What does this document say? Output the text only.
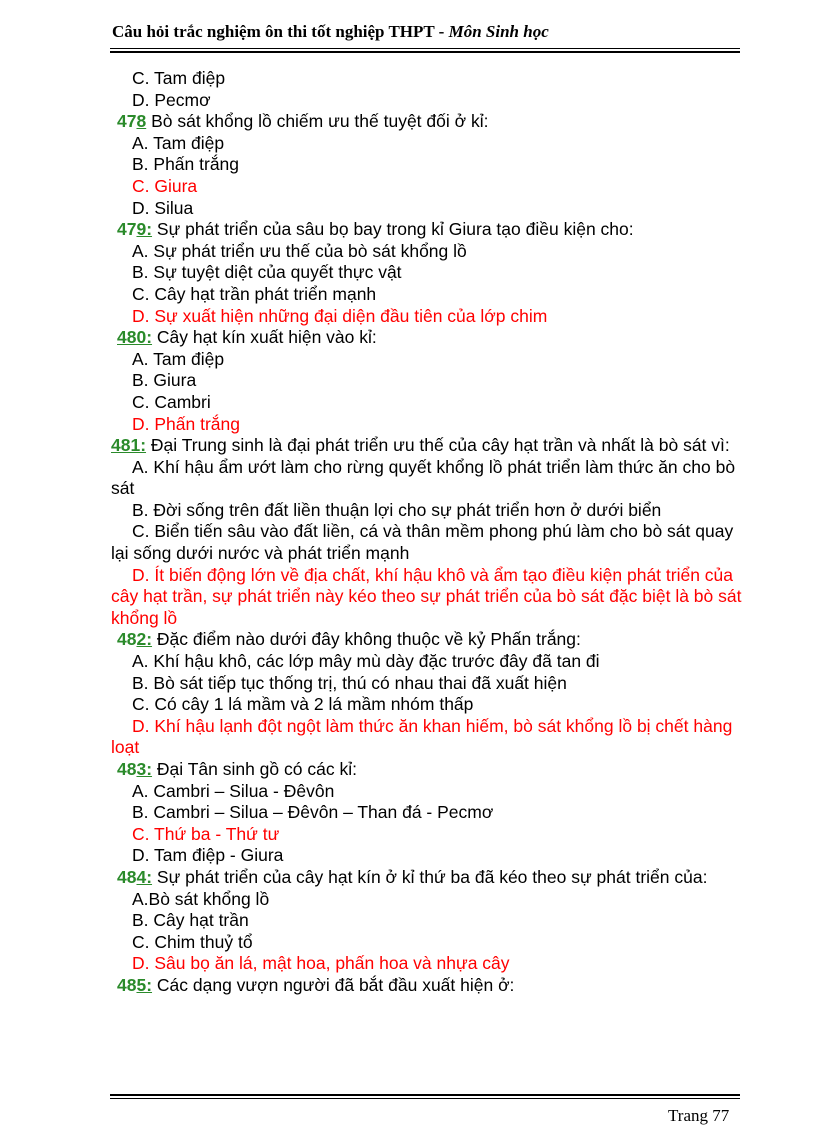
Câu hỏi trắc nghiệm ôn thi tốt nghiệp THPT - Môn Sinh học

C. Tam điệp

D. Pecmơ

478 Bò sát khổng lồ chiếm ưu thế tuyệt đối ở kỉ:

A. Tam điệp

B. Phấn trắng

C. Giura

D. Silua

479: Sự phát triển của sâu bọ bay trong kỉ Giura tạo điều kiện cho:

A. Sự phát triển ưu thế của bò sát khổng lồ

B. Sự tuyệt diệt của quyết thực vật

C. Cây hạt trần phát triển mạnh

D. Sự xuất hiện những đại diện đầu tiên của lớp chim

480: Cây hạt kín xuất hiện vào kỉ:

A. Tam điệp

B. Giura

C. Cambri

D. Phấn trắng

481: Đại Trung sinh là đại phát triển ưu thế của cây hạt trần và nhất là bò sát vì:

A. Khí hậu ẩm ướt làm cho rừng quyết khổng lồ phát triển làm thức ăn cho bò sát

B. Đời sống trên đất liền thuận lợi cho sự phát triển hơn ở dưới biển

C. Biển tiến sâu vào đất liền, cá và thân mềm phong phú làm cho bò sát quay lại sống dưới nước và phát triển mạnh

D. Ít biến động lớn về địa chất, khí hậu khô và ẩm tạo điều kiện phát triển của cây hạt trần, sự phát triển này kéo theo sự phát triển của bò sát đặc biệt là bò sát khổng lồ

482: Đặc điểm nào dưới đây không thuộc về kỷ Phấn trắng:

A. Khí hậu khô, các lớp mây mù dày đặc trước đây đã tan đi

B. Bò sát tiếp tục thống trị, thú có nhau thai đã xuất hiện

C. Có cây 1 lá mầm và 2 lá mầm nhóm thấp

D. Khí hậu lạnh đột ngột làm thức ăn khan hiếm, bò sát khổng lồ bị chết hàng loạt

483: Đại Tân sinh gồ có các kỉ:

A. Cambri – Silua - Đêvôn

B. Cambri – Silua – Đêvôn – Than đá - Pecmơ

C. Thứ ba - Thứ tư

D. Tam điệp - Giura

484: Sự phát triển của cây hạt kín ở kỉ thứ ba đã kéo theo sự phát triển của:

A.Bò sát khổng lồ

B. Cây hạt trần

C. Chim thuỷ tổ

D. Sâu bọ ăn lá, mật hoa, phấn hoa và nhựa cây

485: Các dạng vượn người đã bắt đầu xuất hiện ở:

Trang 77
